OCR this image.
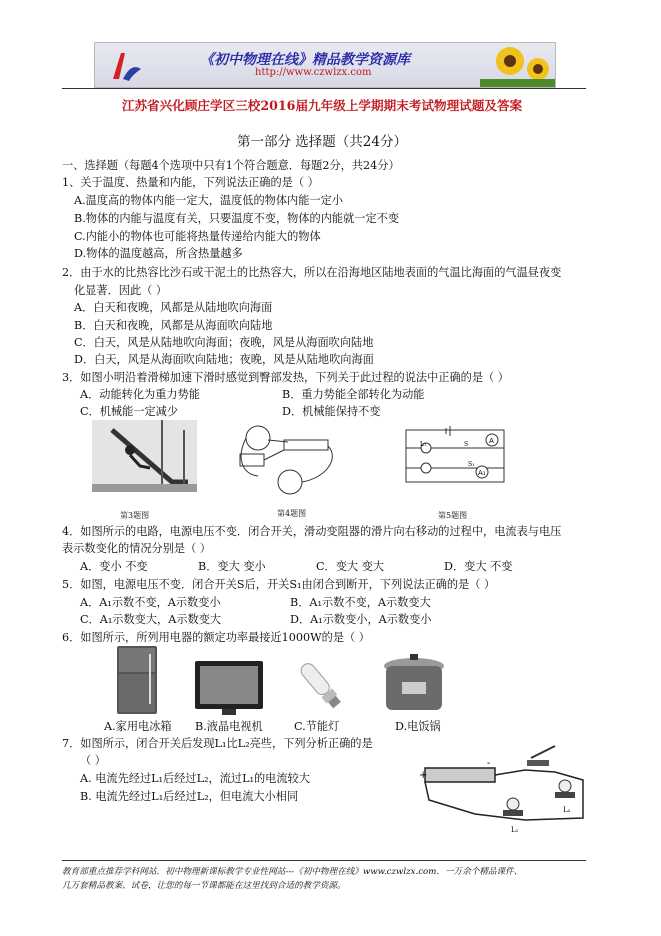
《初中物理在线》精品教学资源库
http://www.czwlzx.com
江苏省兴化顾庄学区三校2016届九年级上学期期末考试物理试题及答案
第一部分 选择题（共24分）
一、选择题（每题4个选项中只有1个符合题意．每题2分，共24分）
1、关于温度、热量和内能，下列说法正确的是（ ）
A.温度高的物体内能一定大，温度低的物体内能一定小
B.物体的内能与温度有关，只要温度不变，物体的内能就一定不变
C.内能小的物体也可能将热量传递给内能大的物体
D.物体的温度越高，所含热量越多
2．由于水的比热容比沙石或干泥土的比热容大，所以在沿海地区陆地表面的气温比海面的气温昼夜变
化显著．因此（ ）
A．白天和夜晚，风都是从陆地吹向海面
B．白天和夜晚，风都是从海面吹向陆地
C．白天，风是从陆地吹向海面；夜晚，风是从海面吹向陆地
D．白天，风是从海面吹向陆地；夜晚，风是从陆地吹向海面
3．如图小明沿着滑梯加速下滑时感觉到臀部发热，下列关于此过程的说法中正确的是（ ）
A．动能转化为重力势能	B．重力势能全部转化为动能
C．机械能一定减少	D．机械能保持不变
A
A₁
L₁	S
S₁
第3题图	第4题图	第5题图
4．如图所示的电路，电源电压不变．闭合开关，滑动变阻器的滑片向右移动的过程中，电流表与电压
表示数变化的情况分别是（ ）
A．变小 不变	B．变大 变小	C．变大 变大	D．变大 不变
5．如图，电源电压不变．闭合开关S后，开关S₁由闭合到断开，下列说法正确的是（ ）
A．A₁示数不变，A示数变小	B．A₁示数不变，A示数变大
C．A₁示数变大，A示数变大	D．A₁示数变小，A示数变小
6．如图所示，所列用电器的额定功率最接近1000W的是（ ）
A.家用电冰箱 B.液晶电视机	C.节能灯	D.电饭锅
7．如图所示，闭合开关后发现L₁比L₂亮些，下列分析正确的是
（ ）
A. 电流先经过L₁后经过L₂，流过L₁的电流较大
B. 电流先经过L₁后经过L₂，但电流大小相同
+
-
L₂
L₁
教育部重点推荐学科网站．初中物理新课标教学专业性网站---《初中物理在线》www.czwlzx.com．一万余个精品课件、
几万套精品教案、试卷，让您的每一节课都能在这里找到合适的教学资源。
